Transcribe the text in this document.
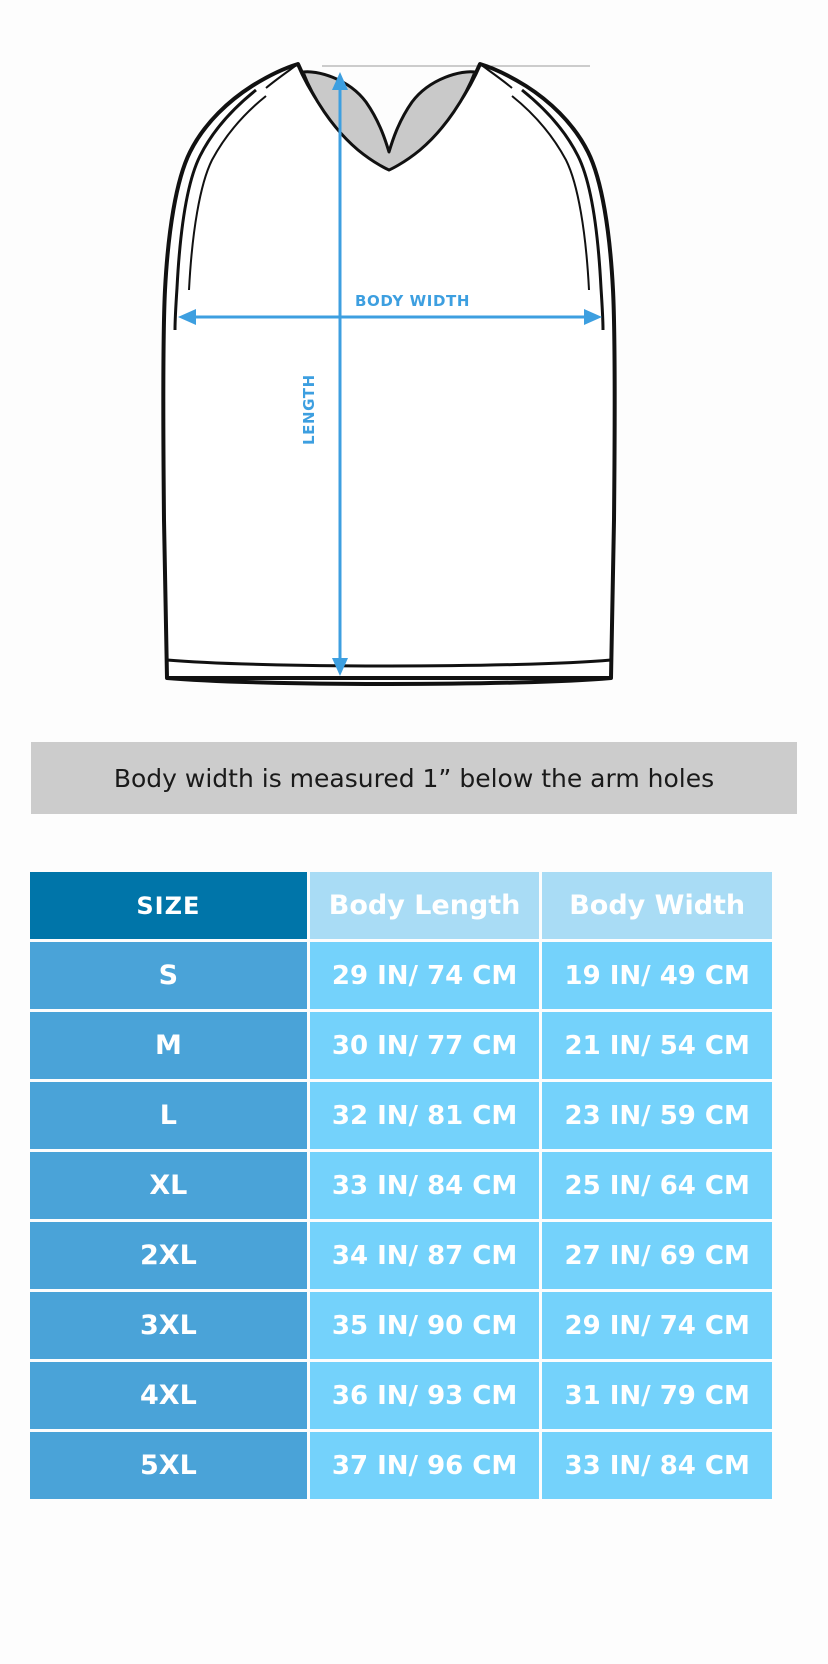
BODY WIDTH
LENGTH
Body width is measured 1” below the arm holes
SIZE	Body Length	Body Width
S	29 IN/ 74 CM	19 IN/ 49 CM
M	30 IN/ 77 CM	21 IN/ 54 CM
L	32 IN/ 81 CM	23 IN/ 59 CM
XL	33 IN/ 84 CM	25 IN/ 64 CM
2XL	34 IN/ 87 CM	27 IN/ 69 CM
3XL	35 IN/ 90 CM	29 IN/ 74 CM
4XL	36 IN/ 93 CM	31 IN/ 79 CM
5XL	37 IN/ 96 CM	33 IN/ 84 CM
